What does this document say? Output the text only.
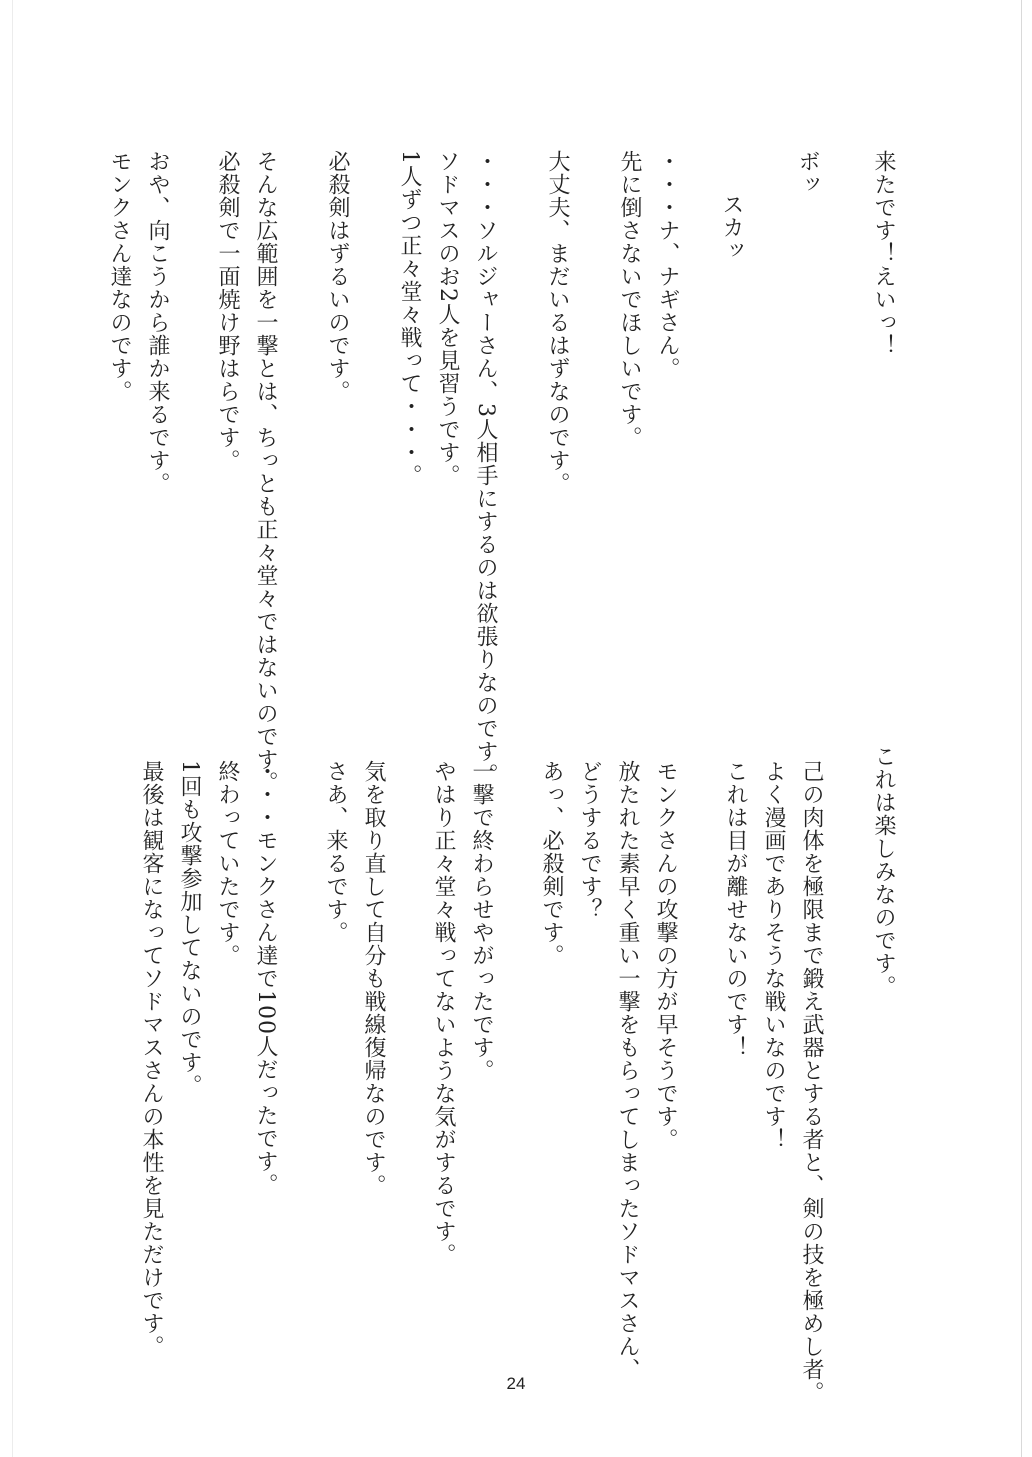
来たです！えいっ！
ボッ
　スカッ
・・・ナ、ナギさん。
先に倒さないでほしいです。
大丈夫、まだいるはずなのです。
・・・ソルジャーさん、3人相手にするのは欲張りなのです。
ソドマスのお2人を見習うです。
1人ずつ正々堂々戦って・・・。
必殺剣はずるいのです。
そんな広範囲を一撃とは、ちっとも正々堂々ではないのです。
必殺剣で一面焼け野はらです。
おや、向こうから誰か来るです。
モンクさん達なのです。
これは楽しみなのです。
己の肉体を極限まで鍛え武器とする者と、剣の技を極めし者。
よく漫画でありそうな戦いなのです！
これは目が離せないのです！
モンクさんの攻撃の方が早そうです。
放たれた素早く重い一撃をもらってしまったソドマスさん、
どうするです？
あっ、必殺剣です。
一撃で終わらせやがったです。
やはり正々堂々戦ってないような気がするです。
気を取り直して自分も戦線復帰なのです。
さあ、来るです。
・・・モンクさん達で100人だったです。
終わっていたです。
1回も攻撃参加してないのです。
最後は観客になってソドマスさんの本性を見ただけです。
24
